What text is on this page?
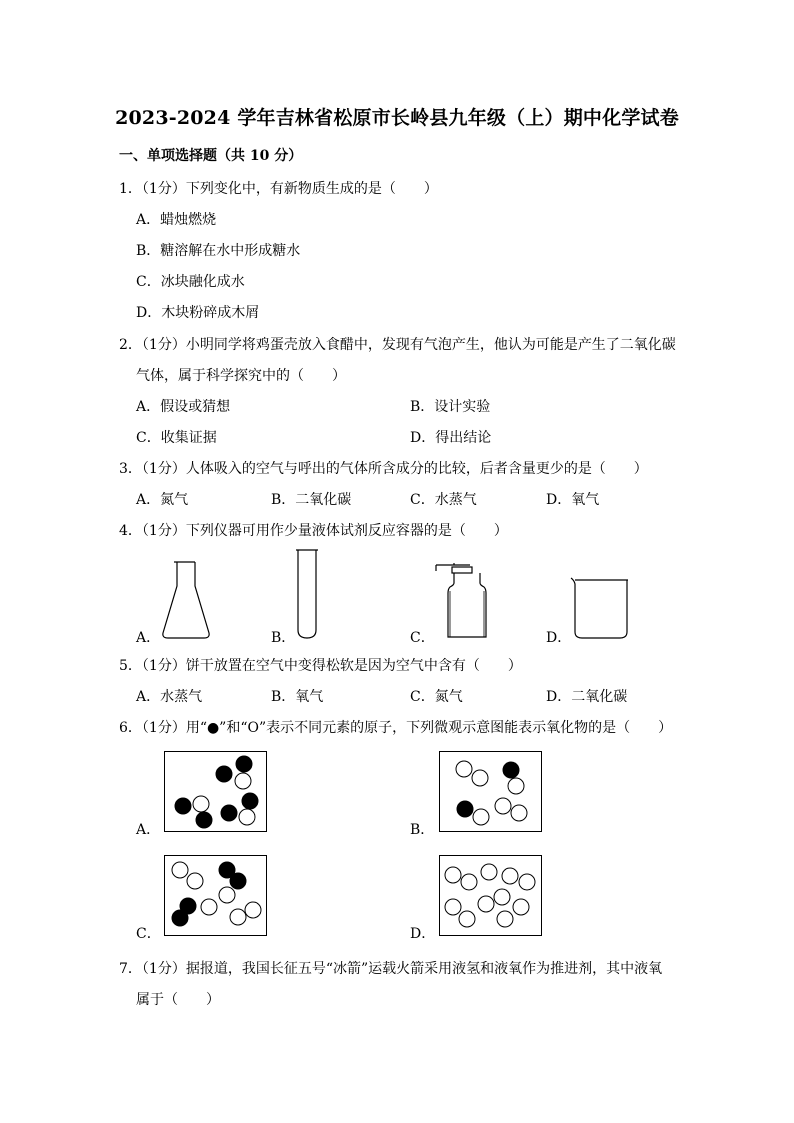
2023-2024 学年吉林省松原市长岭县九年级（上）期中化学试卷
一、单项选择题（共 10 分）
1．（1分）下列变化中，有新物质生成的是（　　）
A．蜡烛燃烧
B．糖溶解在水中形成糖水
C．冰块融化成水
D．木块粉碎成木屑
2．（1分）小明同学将鸡蛋壳放入食醋中，发现有气泡产生，他认为可能是产生了二氧化碳
气体，属于科学探究中的（　　）
A．假设或猜想	B．设计实验
C．收集证据	D．得出结论
3．（1分）人体吸入的空气与呼出的气体所含成分的比较，后者含量更少的是（　　）
A．氮气	B．二氧化碳	C．水蒸气	D．氧气
4．（1分）下列仪器可用作少量液体试剂反应容器的是（　　）
A．	B．	C．	D．
5．（1分）饼干放置在空气中变得松软是因为空气中含有（　　）
A．水蒸气	B．氧气	C．氮气	D．二氧化碳
6．（1分）用“●”和“O”表示不同元素的原子，下列微观示意图能表示氧化物的是（　　）
A．	B．
C．	D．
7．（1分）据报道，我国长征五号“冰箭”运载火箭采用液氢和液氧作为推进剂，其中液氧
属于（　　）
